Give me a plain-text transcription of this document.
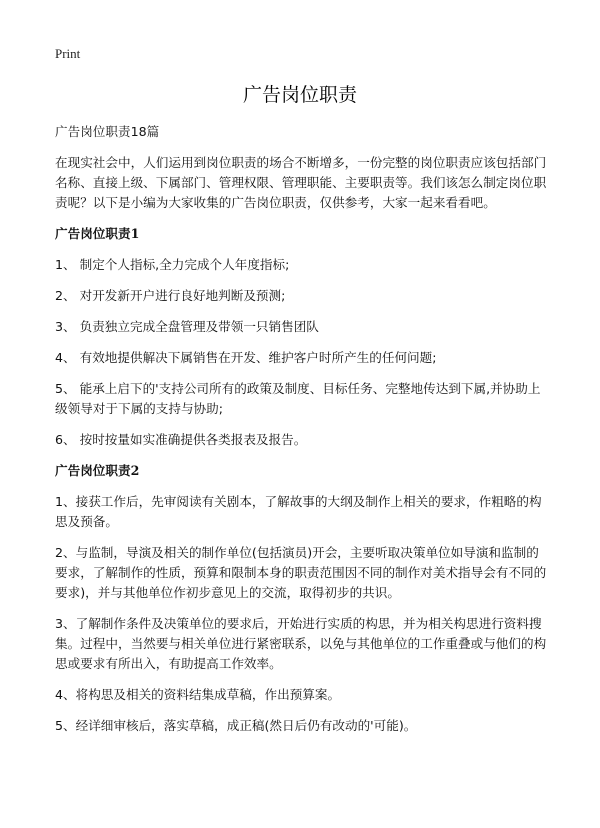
Print
广告岗位职责

广告岗位职责18篇

在现实社会中，人们运用到岗位职责的场合不断增多，一份完整的岗位职责应该包括部门名称、直接上级、下属部门、管理权限、管理职能、主要职责等。我们该怎么制定岗位职责呢？以下是小编为大家收集的广告岗位职责，仅供参考，大家一起来看看吧。

广告岗位职责1

1、 制定个人指标,全力完成个人年度指标;

2、 对开发新开户进行良好地判断及预测;

3、 负责独立完成全盘管理及带领一只销售团队

4、 有效地提供解决下属销售在开发、维护客户时所产生的任何问题;

5、 能承上启下的'支持公司所有的政策及制度、目标任务、完整地传达到下属,并协助上级领导对于下属的支持与协助;

6、 按时按量如实准确提供各类报表及报告。

广告岗位职责2

1、接获工作后，先审阅读有关剧本，了解故事的大纲及制作上相关的要求，作粗略的构思及预备。

2、与监制，导演及相关的制作单位(包括演员)开会，主要听取决策单位如导演和监制的要求，了解制作的性质，预算和限制本身的职责范围因不同的制作对美术指导会有不同的要求)，并与其他单位作初步意见上的交流，取得初步的共识。

3、了解制作条件及决策单位的要求后，开始进行实质的构思，并为相关构思进行资料搜集。过程中，当然要与相关单位进行紧密联系，以免与其他单位的工作重叠或与他们的构思或要求有所出入，有助提高工作效率。

4、将构思及相关的资料结集成草稿，作出预算案。

5、经详细审核后，落实草稿，成正稿(然日后仍有改动的'可能)。
